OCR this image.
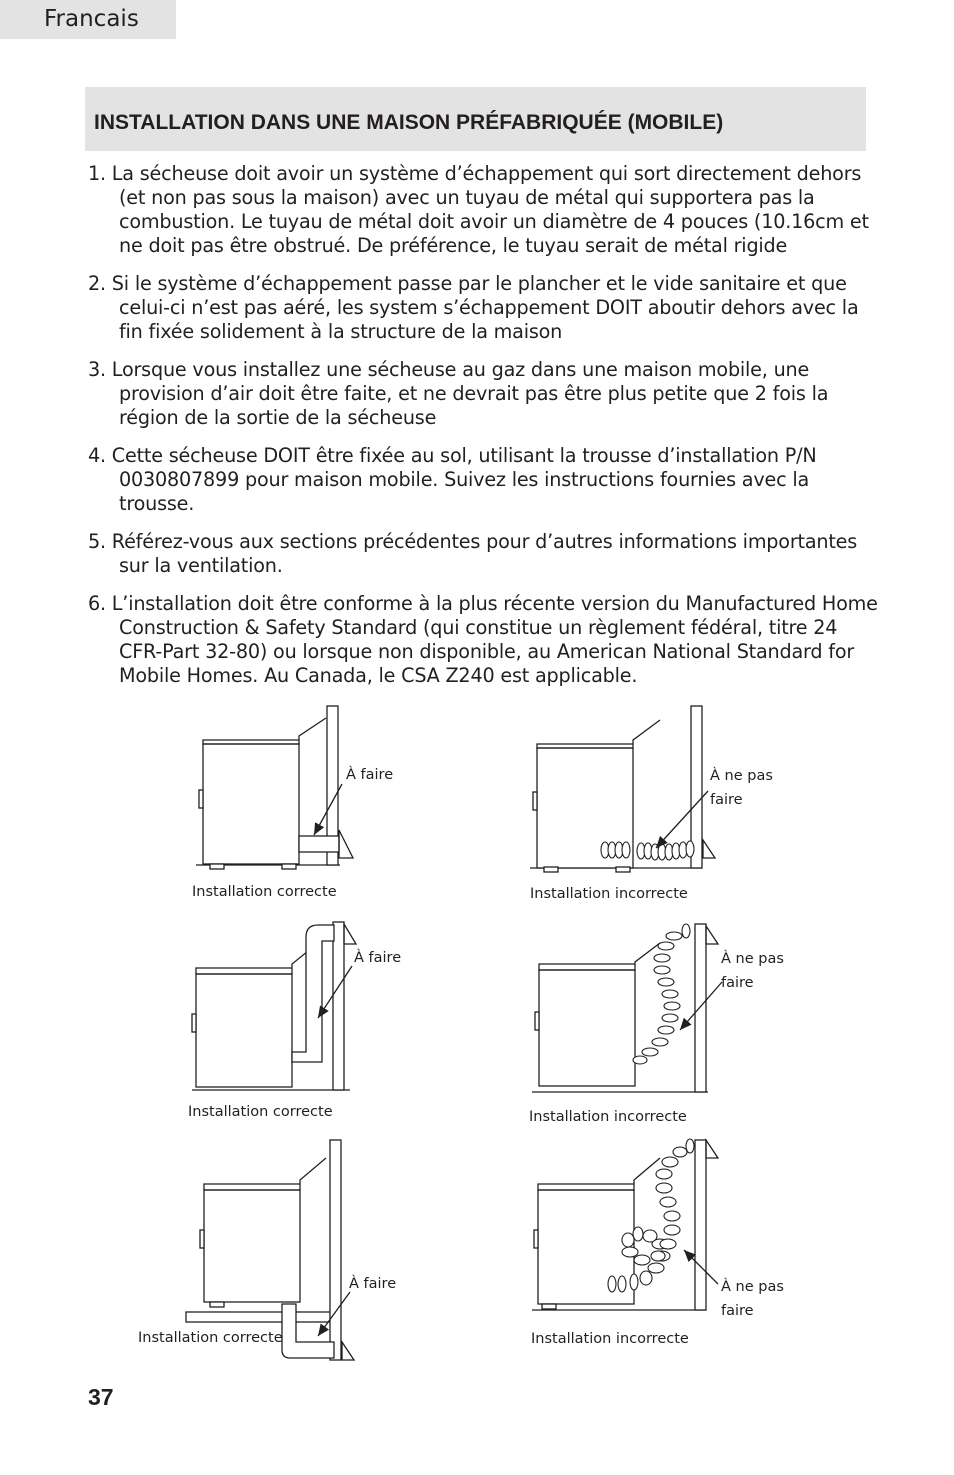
Francais
INSTALLATION DANS UNE MAISON PRÉFABRIQUÉE (MOBILE)
1. La sécheuse doit avoir un système d’échappement qui sort directement dehors (et non pas sous la maison) avec un tuyau de métal qui supportera pas la combustion. Le tuyau de métal doit avoir un diamètre de 4 pouces (10.16cm et ne doit pas être obstrué. De préférence, le tuyau serait de métal rigide
2. Si le système d’échappement passe par le plancher et le vide sanitaire et que celui-ci n’est pas aéré, les system s’échappement DOIT aboutir dehors avec la fin fixée solidement à la structure de la maison
3. Lorsque vous installez une sécheuse au gaz dans une maison mobile, une provision d’air doit être faite, et ne devrait pas être plus petite que 2 fois la région de la sortie de la sécheuse
4. Cette sécheuse DOIT être fixée au sol, utilisant la trousse d’installation P/N 0030807899 pour maison mobile. Suivez les instructions fournies avec la trousse.
5. Référez-vous aux sections précédentes pour d’autres informations importantes sur la ventilation.
6. L’installation doit être conforme à la plus récente version du Manufactured Home Construction & Safety Standard (qui constitue un règlement fédéral, titre 24 CFR-Part 32-80) ou lorsque non disponible, au American National Standard for Mobile Homes. Au Canada, le CSA Z240 est applicable.
À faire
Installation correcte
À ne pas
faire
Installation incorrecte
À faire
Installation correcte
À ne pas
faire
Installation incorrecte
À faire
Installation correcte
À ne pas
faire
Installation incorrecte
37
